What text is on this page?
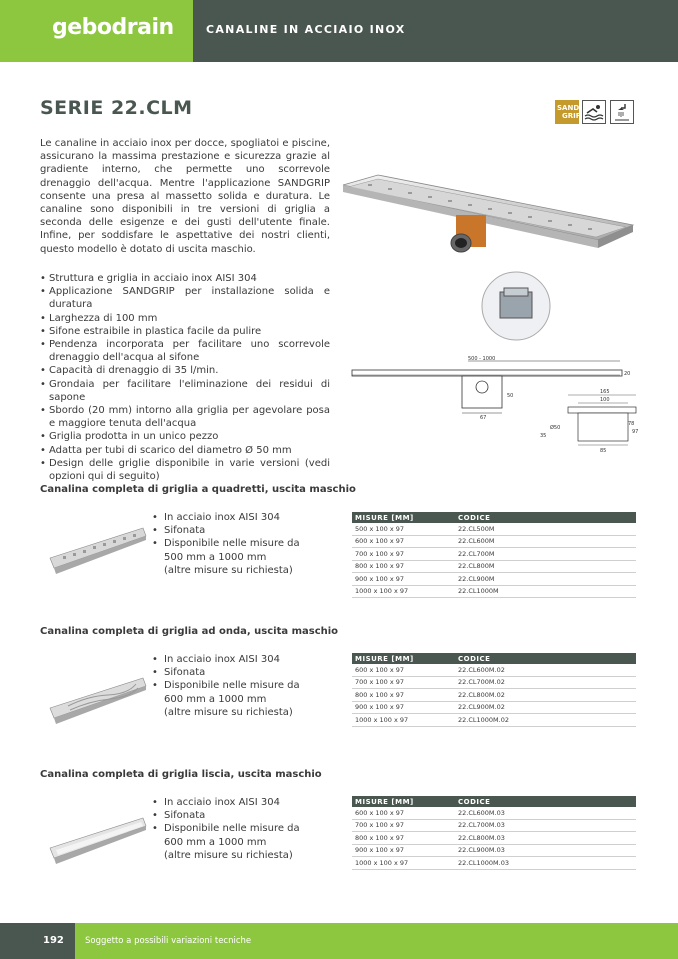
gebodrain	CANALINE IN ACCIAIO INOX
SERIE 22.CLM	SAND
GRIP
Le canaline in acciaio inox per docce, spogliatoi e piscine, assicurano la massima prestazione e sicurezza grazie al gradiente interno, che permette uno scorrevole drenaggio dell'acqua. Mentre l'applicazione SANDGRIP consente una presa al massetto solida e duratura. Le canaline sono disponibili in tre versioni di griglia a seconda delle esigenze e dei gusti dell'utente finale. Infine, per soddisfare le aspettative dei nostri clienti, questo modello è dotato di uscita maschio.
• Struttura e griglia in acciaio inox AISI 304
• Applicazione SANDGRIP per installazione solida e duratura
• Larghezza di 100 mm
• Sifone estraibile in plastica facile da pulire
• Pendenza incorporata per facilitare uno scorrevole drenaggio dell'acqua al sifone
• Capacità di drenaggio di 35 l/min.
• Grondaia per facilitare l'eliminazione dei residui di sapone
• Sbordo (20 mm) intorno alla griglia per agevolare posa e maggiore tenuta dell'acqua
• Griglia prodotta in un unico pezzo
• Adatta per tubi di scarico del diametro Ø 50 mm
• Design delle griglie disponibile in varie versioni (vedi opzioni qui di seguito)
500 - 1000
20
67
50
165
100
35
Ø50
78
97
85
Canalina completa di griglia a quadretti, uscita maschio
• In acciaio inox AISI 304
• Sifonata
• Disponibile nelle misure da
500 mm a 1000 mm
(altre misure su richiesta)
MISURE [MM]	CODICE
500 x 100 x 97	22.CL500M
600 x 100 x 97	22.CL600M
700 x 100 x 97	22.CL700M
800 x 100 x 97	22.CL800M
900 x 100 x 97	22.CL900M
1000 x 100 x 97	22.CL1000M
Canalina completa di griglia ad onda, uscita maschio
• In acciaio inox AISI 304
• Sifonata
• Disponibile nelle misure da
600 mm a 1000 mm
(altre misure su richiesta)
MISURE [MM]	CODICE
600 x 100 x 97	22.CL600M.02
700 x 100 x 97	22.CL700M.02
800 x 100 x 97	22.CL800M.02
900 x 100 x 97	22.CL900M.02
1000 x 100 x 97	22.CL1000M.02
Canalina completa di griglia liscia, uscita maschio
• In acciaio inox AISI 304
• Sifonata
• Disponibile nelle misure da
600 mm a 1000 mm
(altre misure su richiesta)
MISURE [MM]	CODICE
600 x 100 x 97	22.CL600M.03
700 x 100 x 97	22.CL700M.03
800 x 100 x 97	22.CL800M.03
900 x 100 x 97	22.CL900M.03
1000 x 100 x 97	22.CL1000M.03
192 Soggetto a possibili variazioni tecniche
